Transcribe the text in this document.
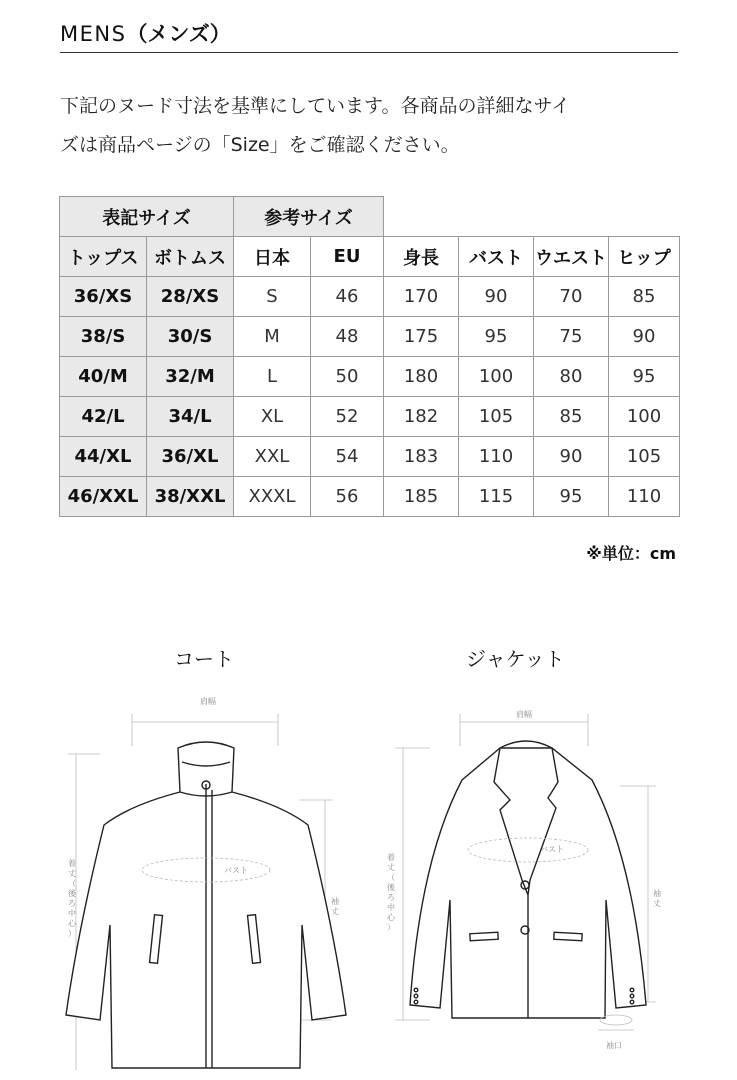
MENS（メンズ）

下記のヌード寸法を基準にしています。各商品の詳細なサイ

ズは商品ページの「Size」をご確認ください。

表記サイズ		参考サイズ					
トップス	ボトムス	日本	EU	身長	バスト	ウエスト	ヒップ
36/XS	28/XS	S	46	170	90	70	85
38/S	30/S	M	48	175	95	75	90
40/M	32/M	L	50	180	100	80	95
42/L	34/L	XL	52	182	105	85	100
44/XL	36/XL	XXL	54	183	110	90	105
46/XXL	38/XXL	XXXL	56	185	115	95	110
※単位：cm
コート	ジャケット
肩幅
バスト
着
丈
（
後
ろ
中
心
）
袖
丈
肩幅
バスト
袖口
着
丈
（
後
ろ
中
心
）
袖
丈
